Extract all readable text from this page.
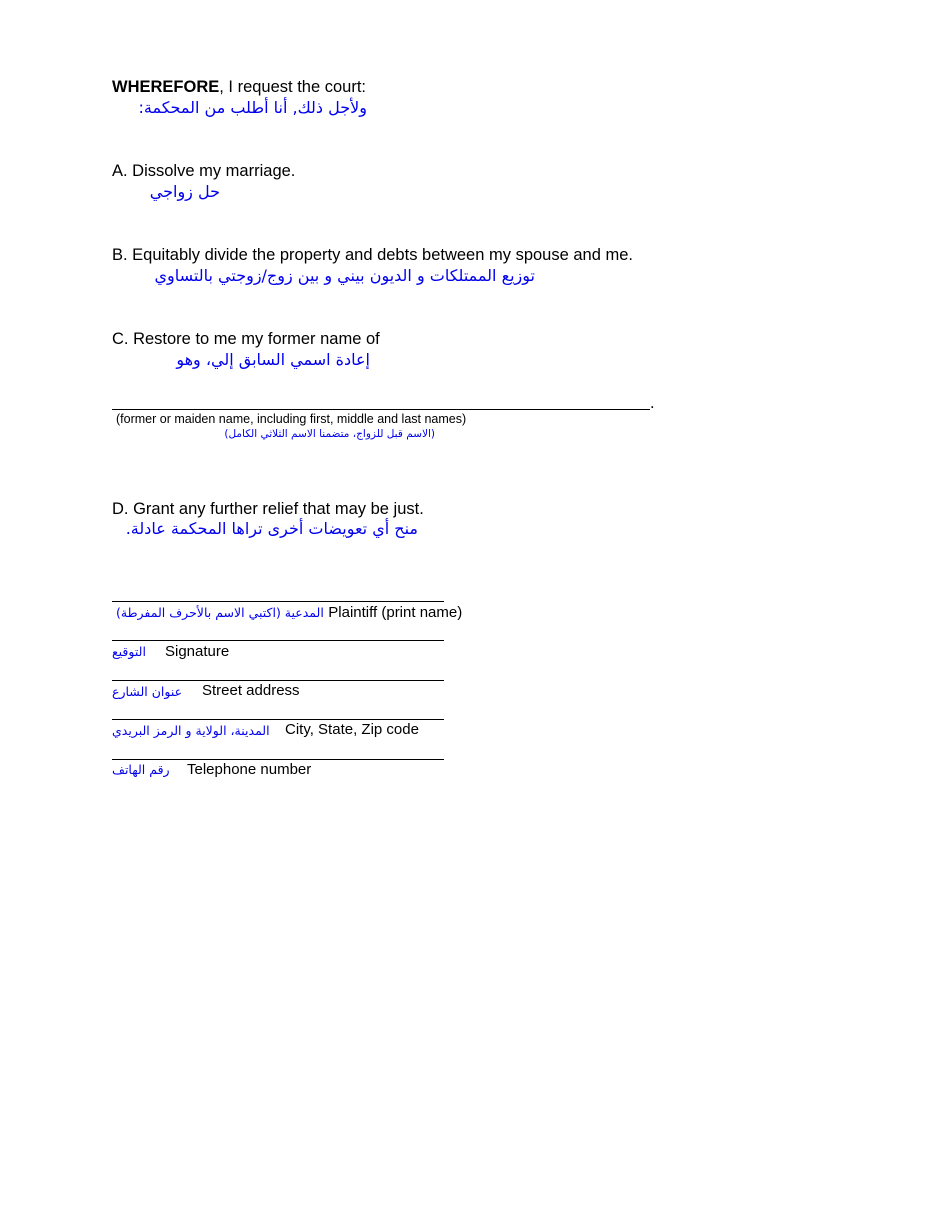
WHEREFORE, I request the court:
ولأجل ذلك, أنا أطلب من المحكمة:
A. Dissolve my marriage.
حل زواجي
B. Equitably divide the property and debts between my spouse and me.
توزيع الممتلكات و الديون بيني و بين زوج/زوجتي بالتساوي
C. Restore to me my former name of
إعادة اسمي السابق إلي، وهو
.
(former or maiden name, including first, middle and last names)
(الاسم قبل للزواج، متضمنا الاسم الثلاثي الكامل)
D. Grant any further relief that may be just.
منح أي تعويضات أخرى تراها المحكمة عادلة.
المدعية (اكتبي الاسم بالأحرف المفرطة) Plaintiff (print name)
التوقيع Signature
عنوان الشارع Street address
المدينة، الولاية و الرمز البريدي City, State, Zip code
رقم الهاتف Telephone number
